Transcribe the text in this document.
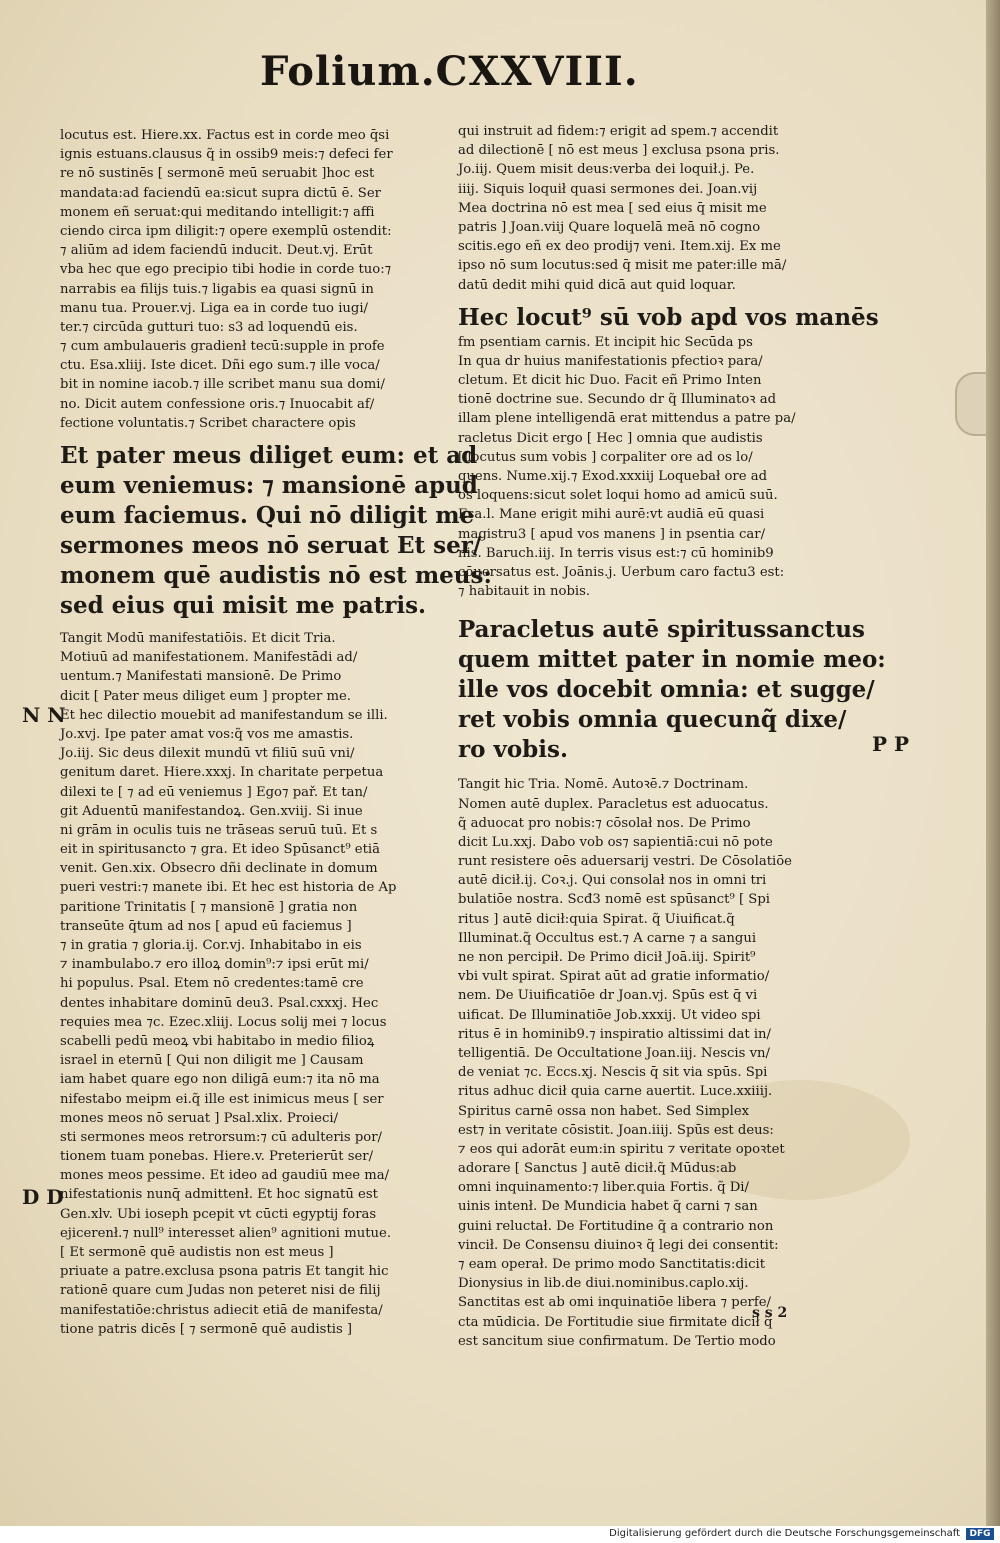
Folium.CXXVIII.
locutus est. Hiere.xx. Factus est in corde meo q̄si
ignis estuans.clausus q̃ in ossib9 meis:⁊ defeci fer
re nō sustinēs [ sermonē meū seruabit ]hoc est
mandata:ad faciendū ea:sicut supra dictū ē. Ser
monem eñ seruat:qui meditando intelligit:⁊ affi
ciendo circa ipm diligit:⁊ opere exemplū ostendit:
⁊ aliūm ad idem faciendū inducit. Deut.vj. Erūt
vba hec que ego precipio tibi hodie in corde tuo:⁊
narrabis ea filijs tuis.⁊ ligabis ea quasi signū in
manu tua. Prouer.vj. Liga ea in corde tuo iugi/
ter.⁊ circūda gutturi tuo: s3 ad loquendū eis.
⁊ cum ambulaueris gradienł tecū:supple in profe
ctu. Esa.xliij. Iste dicet. Dñi ego sum.⁊ ille voca/
bit in nomine iacob.⁊ ille scribet manu sua domi/
no. Dicit autem confessione oris.⁊ Inuocabit af/
fectione voluntatis.⁊ Scribet charactere opis
Et pater meus diliget eum: et ad
eum veniemus: ⁊ mansionē apud
eum faciemus. Qui nō diligit me
sermones meos nō seruat Et ser/
monem quē audistis nō est meus:
sed eius qui misit me patris.
Tangit Modū manifestatiōis. Et dicit Tria.
Motiuū ad manifestationem. Manifestādi ad/
uentum.⁊ Manifestati mansionē. De Primo
dicit [ Pater meus diliget eum ] propter me.
Et hec dilectio mouebit ad manifestandum se illi.
Jo.xvj. Ipe pater amat vos:q̃ vos me amastis.
Jo.iij. Sic deus dilexit mundū vt filiū suū vni/
genitum daret. Hiere.xxxj. In charitate perpetua
dilexi te [ ⁊ ad eū veniemus ] Ego⁊ pař. Et tan/
git Aduentū manifestandoꝝ. Gen.xviij. Si inue
ni grām in oculis tuis ne trāseas seruū tuū. Et s
eit in spiritusancto ⁊ gra. Et ideo Spūsanct⁹ etiā
venit. Gen.xix. Obsecro dñi declinate in domum
pueri vestri:⁊ manete ibi. Et hec est historia de Ap
paritione Trinitatis [ ⁊ mansionē ] gratia non
transeūte q̄tum ad nos [ apud eū faciemus ]
⁊ in gratia ⁊ gloria.ij. Cor.vj. Inhabitabo in eis
⁊ inambulabo.⁊ ero illoꝝ domin⁹:⁊ ipsi erūt mi/
hi populus. Psal. Etem nō credentes:tamē cre
dentes inhabitare dominū deu3. Psal.cxxxj. Hec
requies mea ⁊c. Ezec.xliij. Locus solij mei ⁊ locus
scabelli pedū meoꝝ vbi habitabo in medio filioꝝ
israel in eternū [ Qui non diligit me ] Causam
iam habet quare ego non diligā eum:⁊ ita nō ma
nifestabo meipm ei.q̃ ille est inimicus meus [ ser
mones meos nō seruat ] Psal.xlix. Proieci/
sti sermones meos retrorsum:⁊ cū adulteris por/
tionem tuam ponebas. Hiere.v. Preterierūt ser/
mones meos pessime. Et ideo ad gaudiū mee ma/
nifestationis nunq̄ admittenł. Et hoc signatū est
Gen.xlv. Ubi ioseph pcepit vt cūcti egyptij foras
ejicerenł.⁊ null⁹ interesset alien⁹ agnitioni mutue.
[ Et sermonē quē audistis non est meus ]
priuate a patre.exclusa psona patris Et tangit hic
rationē quare cum Judas non peteret nisi de filij
manifestatiōe:christus adiecit etiā de manifesta/
tione patris dicēs [ ⁊ sermonē quē audistis ]
qui instruit ad fidem:⁊ erigit ad spem.⁊ accendit
ad dilectionē [ nō est meus ] exclusa psona pris.
Jo.iij. Quem misit deus:verba dei loquił.j. Pe.
iiij. Siquis loquił quasi sermones dei. Joan.vij
Mea doctrina nō est mea [ sed eius q̄ misit me
patris ] Joan.viij Quare loquelā meā nō cogno
scitis.ego eñ ex deo prodij⁊ veni. Item.xij. Ex me
ipso nō sum locutus:sed q̄ misit me pater:ille mā/
datū dedit mihi quid dicā aut quid loquar.
Hec locut⁹ sū vob apd vos manēs
fm psentiam carnis. Et incipit hic Secūda ps
In qua dr huius manifestationis pfectioꝛ para/
cletum. Et dicit hic Duo. Facit eñ Primo Inten
tionē doctrine sue. Secundo dr q̃ Illuminatoꝛ ad
illam plene intelligendā erat mittendus a patre pa/
racletus Dicit ergo [ Hec ] omnia que audistis
[ locutus sum vobis ] corpaliter ore ad os lo/
quens. Nume.xij.⁊ Exod.xxxiij Loquebał ore ad
os loquens:sicut solet loqui homo ad amicū suū.
Esa.l. Mane erigit mihi aurē:vt audiā eū quasi
magistru3 [ apud vos manens ] in psentia car/
nis. Baruch.iij. In terris visus est:⁊ cū hominib9
cōuersatus est. Joānis.j. Uerbum caro factu3 est:
⁊ habitauit in nobis.
Paracletus autē spiritussanctus
quem mittet pater in nomie meo:
ille vos docebit omnia: et sugge/
ret vobis omnia quecunq̃ dixe/
ro vobis.
Tangit hic Tria. Nomē. Autoꝛē.⁊ Doctrinam.
Nomen autē duplex. Paracletus est aduocatus.
q̃ aduocat pro nobis:⁊ cōsolał nos. De Primo
dicit Lu.xxj. Dabo vob os⁊ sapientiā:cui nō pote
runt resistere oēs aduersarij vestri. De Cōsolatiōe
autē dicił.ij. Coꝛ.j. Qui consolał nos in omni tri
bulatiōe nostra. Scđ3 nomē est spūsanct⁹ [ Spi
ritus ] autē dicił:quia Spirat. q̃ Uiuificat.q̃
Illuminat.q̃ Occultus est.⁊ A carne ⁊ a sangui
ne non percipił. De Primo dicił Joā.iij. Spirit⁹
vbi vult spirat. Spirat aūt ad gratie informatio/
nem. De Uiuificatiōe dr Joan.vj. Spūs est q̄ vi
uificat. De Illuminatiōe Job.xxxij. Ut video spi
ritus ē in hominib9.⁊ inspiratio altissimi dat in/
telligentiā. De Occultatione Joan.iij. Nescis vn/
de veniat ⁊c. Eccs.xj. Nescis q̄ sit via spūs. Spi
ritus adhuc dicił quia carne auertit. Luce.xxiiij.
Spiritus carnē ossa non habet. Sed Simplex
est⁊ in veritate cōsistit. Joan.iiij. Spūs est deus:
⁊ eos qui adorāt eum:in spiritu ⁊ veritate opoꝛtet
adorare [ Sanctus ] autē dicił.q̃ Mūdus:ab
omni inquinamento:⁊ liber.quia Fortis. q̃ Di/
uinis intenł. De Mundicia habet q̃ carni ⁊ san
guini reluctał. De Fortitudine q̃ a contrario non
vincił. De Consensu diuinoꝛ q̃ legi dei consentit:
⁊ eam operał. De primo modo Sanctitatis:dicit
Dionysius in lib.de diui.nominibus.caplo.xij.
Sanctitas est ab omi inquinatiōe libera ⁊ perfe/
cta mūdicia. De Fortitudie siue firmitate dicił q̃
est sancitum siue confirmatum. De Tertio modo
N N
D D
P P
s s 2
Digitalisierung gefördert durch die Deutsche Forschungsgemeinschaft	DFG
